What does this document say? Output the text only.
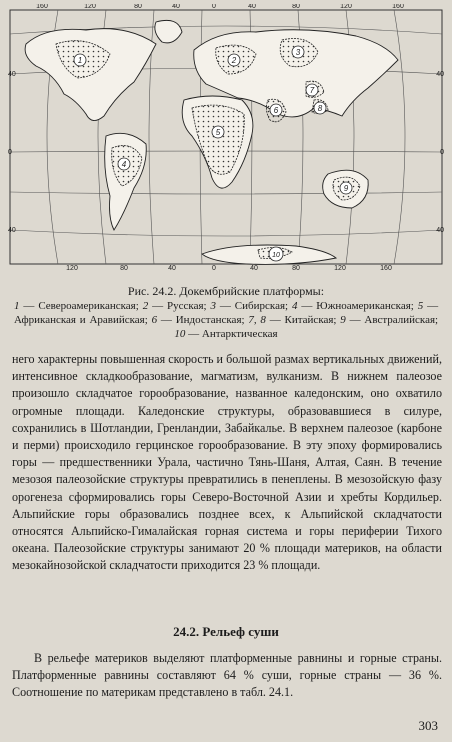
1	2
3
4
5
6
7
8
9
10
160	120	80	40	0	40	80	120	160
120	80	40	0	40	80	120	160
40
0
40
40
0
40
Рис. 24.2. Докембрийские платформы:
1 — Североамериканская; 2 — Русская; 3 — Сибирская; 4 — Южноамериканская; 5 — Африканская и Аравийская; 6 — Индостанская; 7, 8 — Китайская; 9 — Австралийская; 10 — Антарктическая

него характерны повышенная скорость и большой размах вертикальных движений, интенсивное складкообразование, магматизм, вулканизм. В нижнем палеозое произошло складчатое горообразование, названное каледонским, оно охватило огромные площади. Каледонские структуры, образовавшиеся в силуре, сохранились в Шотландии, Гренландии, Забайкалье. В верхнем палеозое (карбоне и перми) происходило герцинское горообразование. В эту эпоху формировались горы — предшественники Урала, частично Тянь-Шаня, Алтая, Саян. В течение мезозоя палеозойские структуры превратились в пенеплены. В мезозойскую фазу орогенеза сформировались горы Северо-Восточной Азии и хребты Кордильер. Альпийские горы образовались позднее всех, к Альпийской складчатости относятся Альпийско-Гималайская горная система и горы периферии Тихого океана. Палеозойские структуры занимают 20 % площади материков, на области мезокайнозойской складчатости приходится 23 % площади.

24.2. Рельеф суши

В рельефе материков выделяют платформенные равнины и горные страны. Платформенные равнины составляют 64 % суши, горные страны — 36 %. Соотношение по материкам представлено в табл. 24.1.

303
